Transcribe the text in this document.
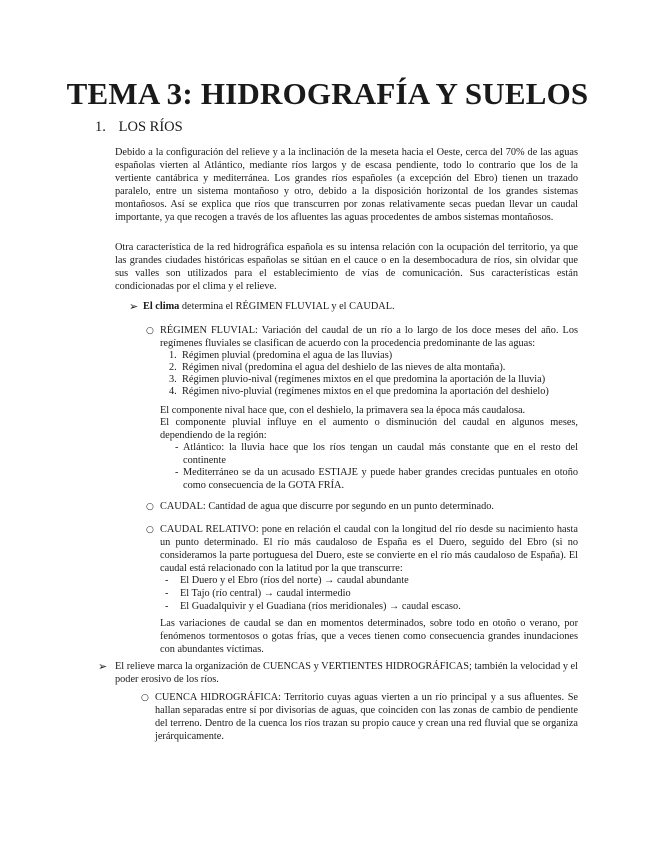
TEMA 3: HIDROGRAFÍA Y SUELOS
1. LOS RÍOS

Debido a la configuración del relieve y a la inclinación de la meseta hacia el Oeste, cerca del 70% de las aguas españolas vierten al Atlántico, mediante ríos largos y de escasa pendiente, todo lo contrario que los de la vertiente cantábrica y mediterránea. Los grandes ríos españoles (a excepción del Ebro) tienen un trazado paralelo, entre un sistema montañoso y otro, debido a la disposición horizontal de los grandes sistemas montañosos. Así se explica que ríos que transcurren por zonas relativamente secas puedan llevar un caudal importante, ya que recogen a través de los afluentes las aguas procedentes de ambos sistemas montañosos.

Otra característica de la red hidrográfica española es su intensa relación con la ocupación del territorio, ya que las grandes ciudades históricas españolas se sitúan en el cauce o en la desembocadura de ríos, sin olvidar que sus valles son utilizados para el establecimiento de vías de comunicación. Sus características están condicionadas por el clima y el relieve.

➢ El clima determina el RÉGIMEN FLUVIAL y el CAUDAL.
○ RÉGIMEN FLUVIAL: Variación del caudal de un río a lo largo de los doce meses del año. Los regímenes fluviales se clasifican de acuerdo con la procedencia predominante de las aguas:

1. Régimen pluvial (predomina el agua de las lluvias)
2. Régimen nival (predomina el agua del deshielo de las nieves de alta montaña).
3. Régimen pluvio-nival (regímenes mixtos en el que predomina la aportación de la lluvia)
4. Régimen nivo-pluvial (regímenes mixtos en el que predomina la aportación del deshielo)
El componente nival hace que, con el deshielo, la primavera sea la época más caudalosa.

El componente pluvial influye en el aumento o disminución del caudal en algunos meses, dependiendo de la región:

- Atlántico: la lluvia hace que los ríos tengan un caudal más constante que en el resto del continente

- Mediterráneo se da un acusado ESTIAJE y puede haber grandes crecidas puntuales en otoño como consecuencia de la GOTA FRÍA.

○ CAUDAL: Cantidad de agua que discurre por segundo en un punto determinado.
○ CAUDAL RELATIVO: pone en relación el caudal con la longitud del río desde su nacimiento hasta un punto determinado. El río más caudaloso de España es el Duero, seguido del Ebro (si no consideramos la parte portuguesa del Duero, este se convierte en el río más caudaloso de España). El caudal está relacionado con la latitud por la que transcurre:

- El Duero y el Ebro (ríos del norte) → caudal abundante
- El Tajo (río central) → caudal intermedio
- El Guadalquivir y el Guadiana (ríos meridionales) → caudal escaso.

Las variaciones de caudal se dan en momentos determinados, sobre todo en otoño o verano, por fenómenos tormentosos o gotas frías, que a veces tienen como consecuencia grandes inundaciones con abundantes víctimas.

➢ El relieve marca la organización de CUENCAS y VERTIENTES HIDROGRÁFICAS; también la velocidad y el poder erosivo de los ríos.

○ CUENCA HIDROGRÁFICA: Territorio cuyas aguas vierten a un río principal y a sus afluentes. Se hallan separadas entre sí por divisorias de aguas, que coinciden con las zonas de cambio de pendiente del terreno. Dentro de la cuenca los ríos trazan su propio cauce y crean una red fluvial que se organiza jerárquicamente.
